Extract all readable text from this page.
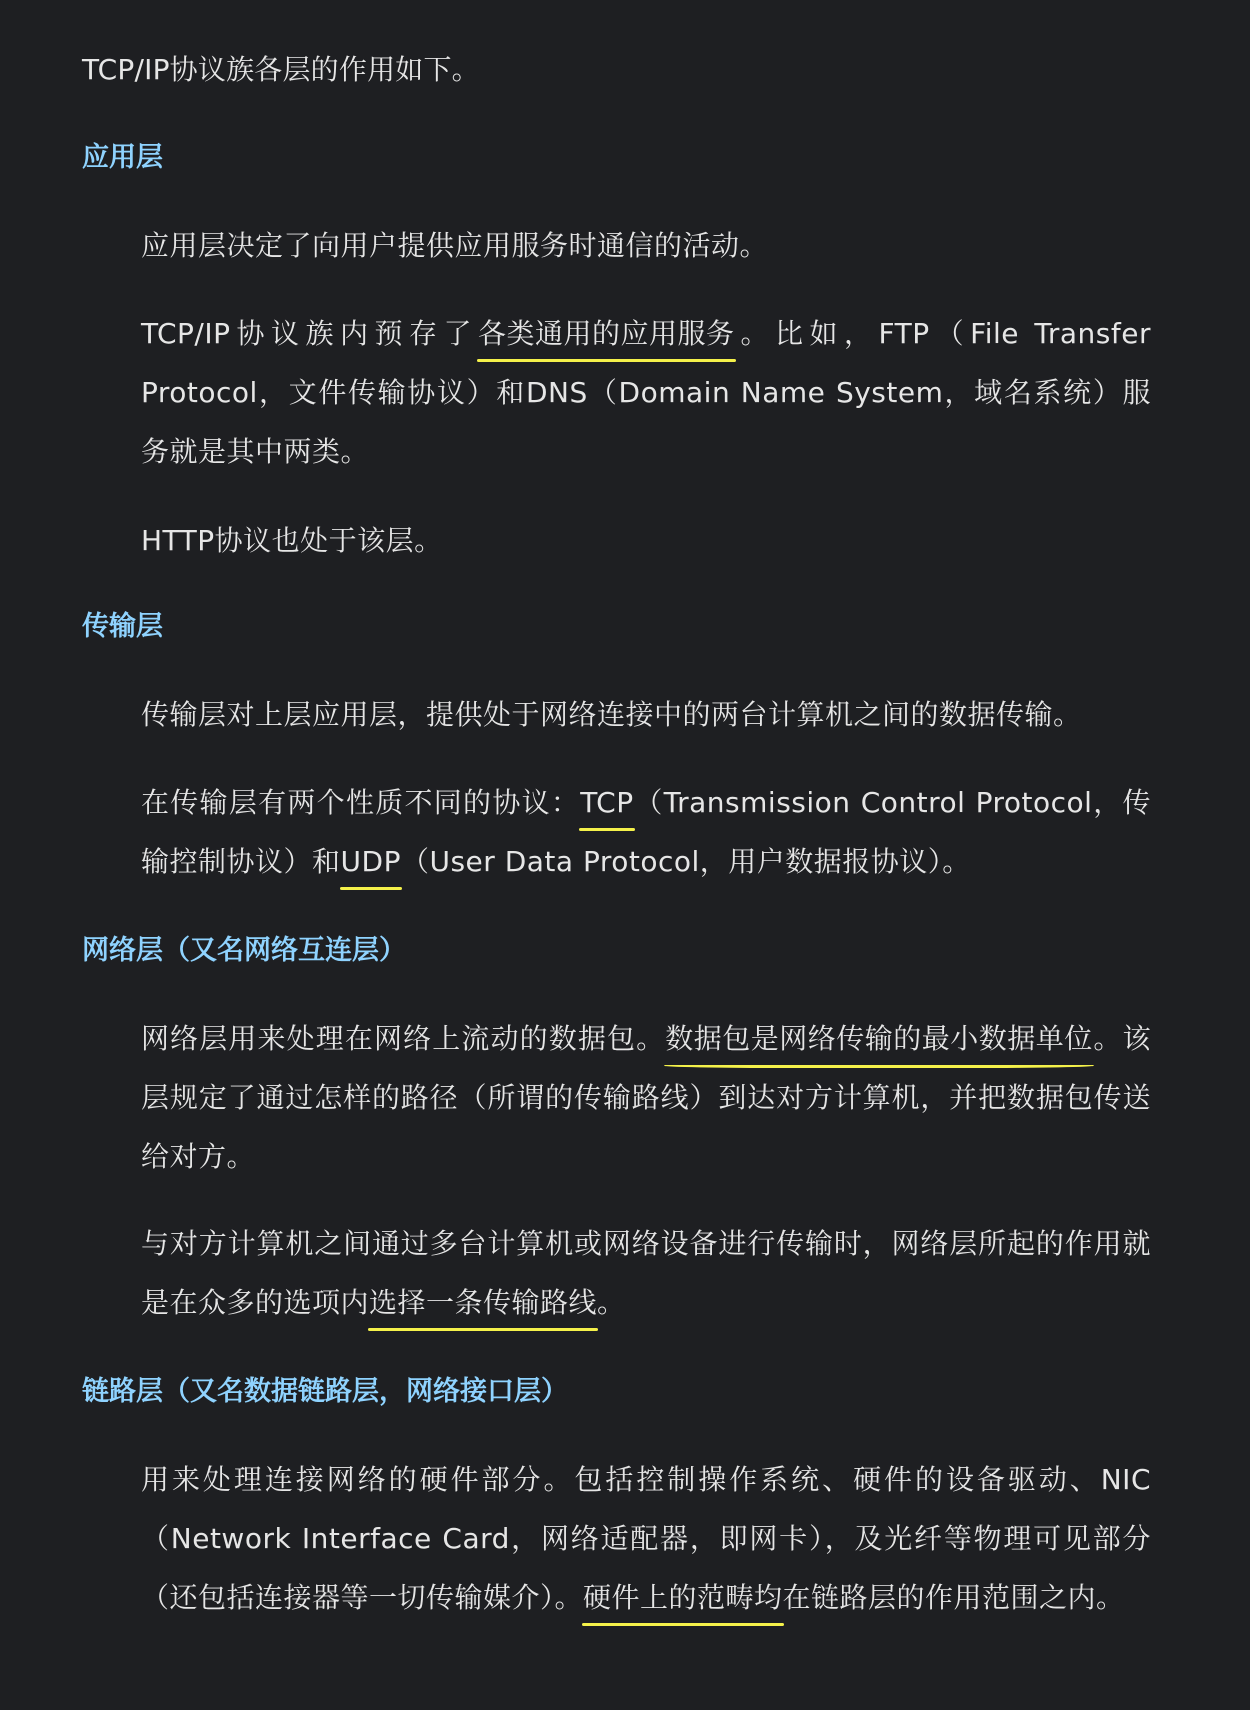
TCP/IP协议族各层的作用如下。
应用层
应用层决定了向用户提供应用服务时通信的活动。
TCP/IP协议族内预存了各类通用的应用服务。比如，FTP（File Transfer Protocol，文件传输协议）和DNS（Domain Name System，域名系统）服务就是其中两类。
HTTP协议也处于该层。
传输层
传输层对上层应用层，提供处于网络连接中的两台计算机之间的数据传输。
在传输层有两个性质不同的协议：TCP（Transmission Control Protocol，传输控制协议）和UDP（User Data Protocol，用户数据报协议）。
网络层（又名网络互连层）
网络层用来处理在网络上流动的数据包。数据包是网络传输的最小数据单位。该层规定了通过怎样的路径（所谓的传输路线）到达对方计算机，并把数据包传送给对方。
与对方计算机之间通过多台计算机或网络设备进行传输时，网络层所起的作用就是在众多的选项内选择一条传输路线。
链路层（又名数据链路层，网络接口层）
用来处理连接网络的硬件部分。包括控制操作系统、硬件的设备驱动、NIC（Network Interface Card，网络适配器，即网卡），及光纤等物理可见部分（还包括连接器等一切传输媒介）。硬件上的范畴均在链路层的作用范围之内。
